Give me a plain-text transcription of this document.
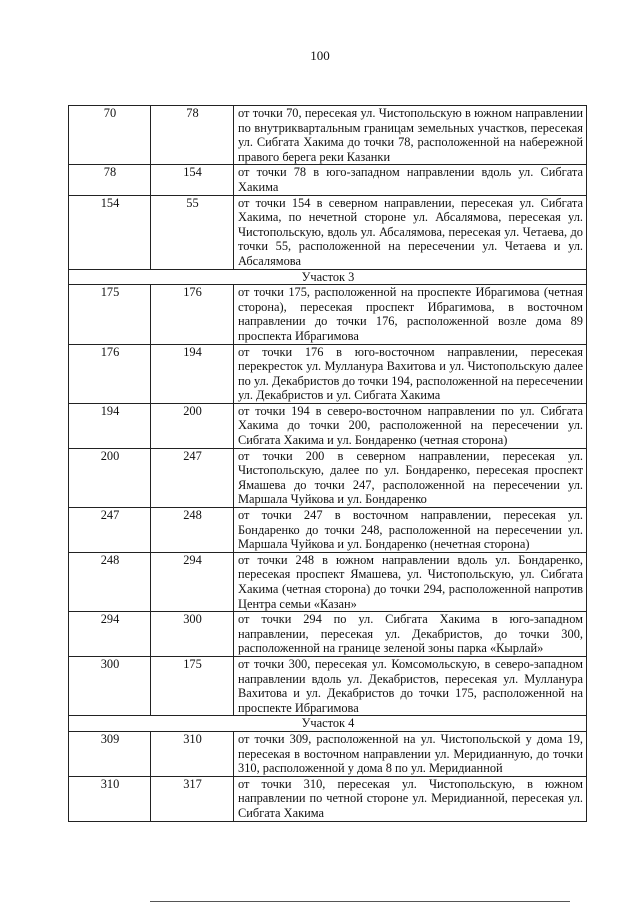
100
70	78	от точки 70, пересекая ул. Чистопольскую в южном направлении по внутриквартальным границам земельных участков, пересекая ул. Сибгата Хакима до точки 78, расположенной на набережной правого берега реки Казанки
78	154	от точки 78 в юго-западном направлении вдоль ул. Сибгата Хакима
154	55	от точки 154 в северном направлении, пересекая ул. Сибгата Хакима, по нечетной стороне ул. Абсалямова, пересекая ул. Чистопольскую, вдоль ул. Абсалямова, пересекая ул. Четаева, до точки 55, расположенной на пересечении ул. Четаева и ул. Абсалямова
Участок 3		
175	176	от точки 175, расположенной на проспекте Ибрагимова (четная сторона), пересекая проспект Ибрагимова, в восточном направлении до точки 176, расположенной возле дома 89 проспекта Ибрагимова
176	194	от точки 176 в юго-восточном направлении, пересекая перекресток ул. Мулланура Вахитова и ул. Чистопольскую далее по ул. Декабристов до точки 194, расположенной на пересечении ул. Декабристов и ул. Сибгата Хакима
194	200	от точки 194 в северо-восточном направлении по ул. Сибгата Хакима до точки 200, расположенной на пересечении ул. Сибгата Хакима и ул. Бондаренко (четная сторона)
200	247	от точки 200 в северном направлении, пересекая ул. Чистопольскую, далее по ул. Бондаренко, пересекая проспект Ямашева до точки 247, расположенной на пересечении ул. Маршала Чуйкова и ул. Бондаренко
247	248	от точки 247 в восточном направлении, пересекая ул. Бондаренко до точки 248, расположенной на пересечении ул. Маршала Чуйкова и ул. Бондаренко (нечетная сторона)
248	294	от точки 248 в южном направлении вдоль ул. Бондаренко, пересекая проспект Ямашева, ул. Чистопольскую, ул. Сибгата Хакима (четная сторона) до точки 294, расположенной напротив Центра семьи «Казан»
294	300	от точки 294 по ул. Сибгата Хакима в юго-западном направлении, пересекая ул. Декабристов, до точки 300, расположенной на границе зеленой зоны парка «Кырлай»
300	175	от точки 300, пересекая ул. Комсомольскую, в северо-западном направлении вдоль ул. Декабристов, пересекая ул. Мулланура Вахитова и ул. Декабристов до точки 175, расположенной на проспекте Ибрагимова
Участок 4		
309	310	от точки 309, расположенной на ул. Чистопольской у дома 19, пересекая в восточном направлении ул. Меридианную, до точки 310, расположенной у дома 8 по ул. Меридианной
310	317	от точки 310, пересекая ул. Чистопольскую, в южном направлении по четной стороне ул. Меридианной, пересекая ул. Сибгата Хакима
